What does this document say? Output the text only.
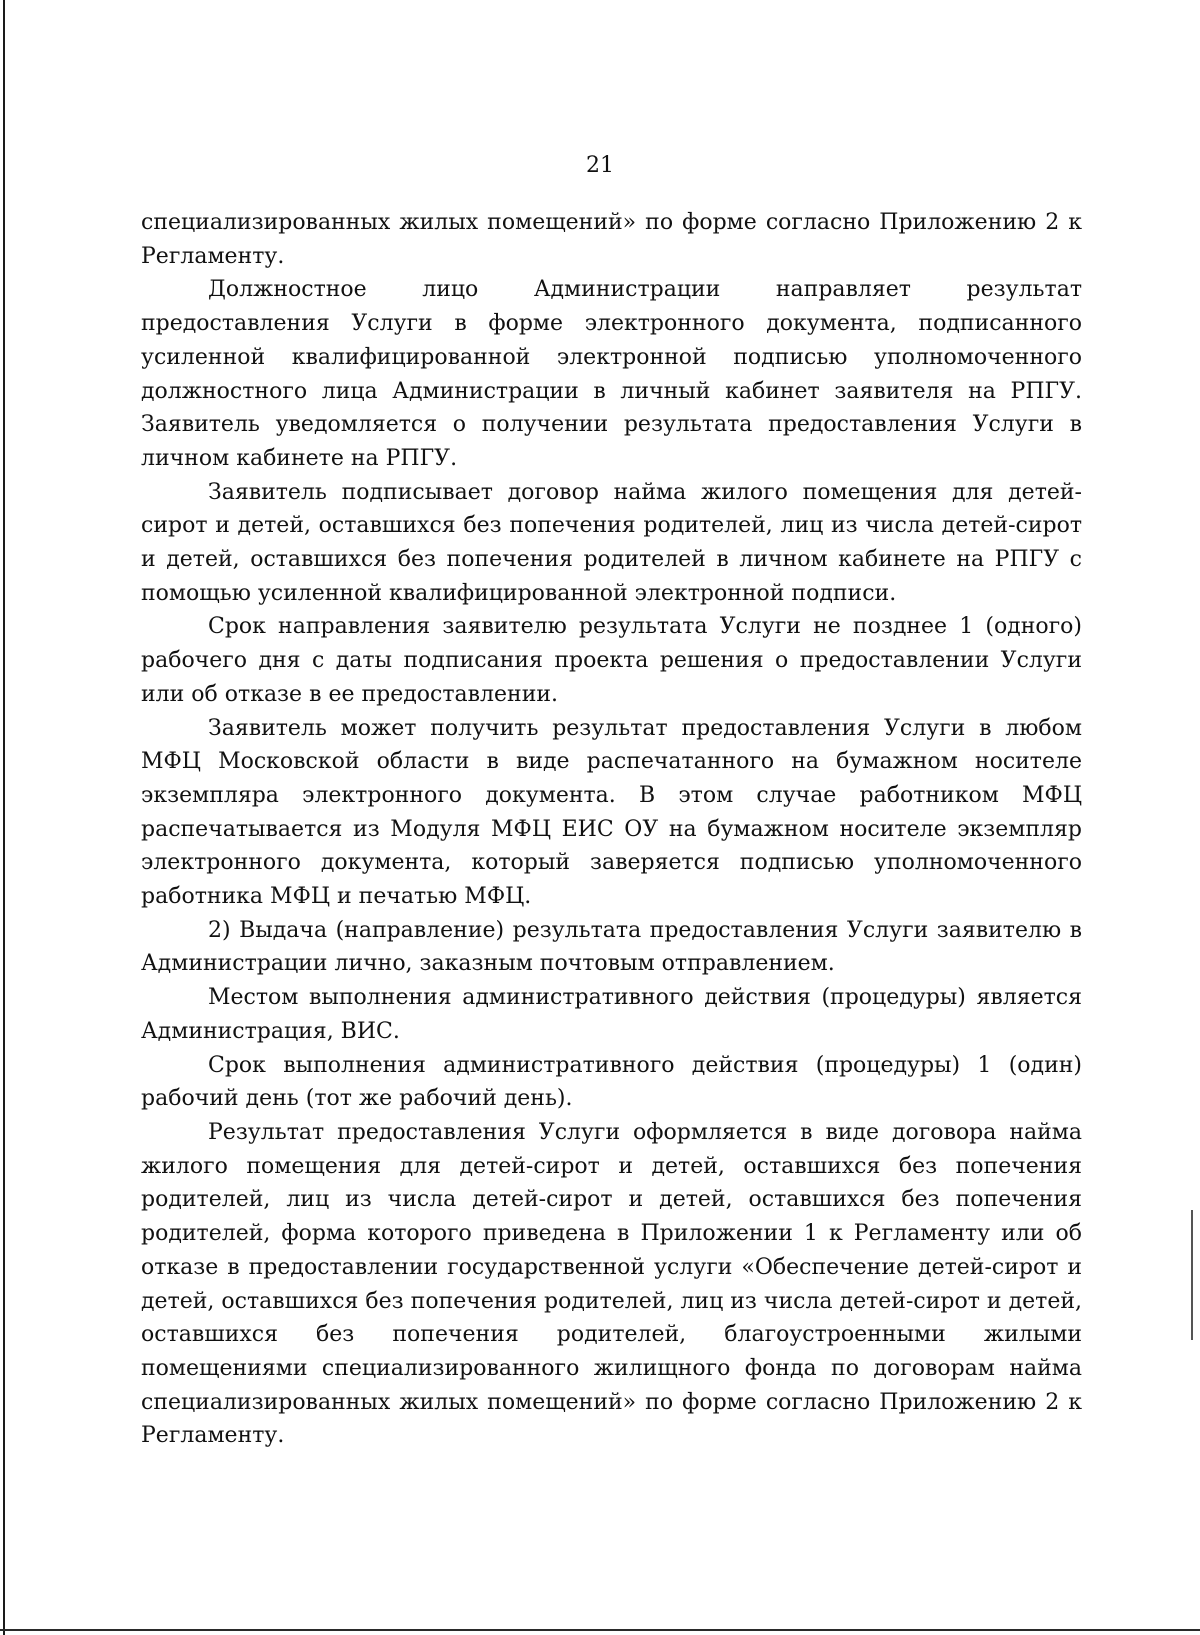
21

специализированных жилых помещений» по форме согласно Приложению 2 к Регламенту.

Должностное лицо Администрации направляет результат предоставления Услуги в форме электронного документа, подписанного усиленной квалифицированной электронной подписью уполномоченного должностного лица Администрации в личный кабинет заявителя на РПГУ. Заявитель уведомляется о получении результата предоставления Услуги в личном кабинете на РПГУ.

Заявитель подписывает договор найма жилого помещения для детей-сирот и детей, оставшихся без попечения родителей, лиц из числа детей-сирот и детей, оставшихся без попечения родителей в личном кабинете на РПГУ с помощью усиленной квалифицированной электронной подписи.

Срок направления заявителю результата Услуги не позднее 1 (одного) рабочего дня с даты подписания проекта решения о предоставлении Услуги или об отказе в ее предоставлении.

Заявитель может получить результат предоставления Услуги в любом МФЦ Московской области в виде распечатанного на бумажном носителе экземпляра электронного документа. В этом случае работником МФЦ распечатывается из Модуля МФЦ ЕИС ОУ на бумажном носителе экземпляр электронного документа, который заверяется подписью уполномоченного работника МФЦ и печатью МФЦ.

2) Выдача (направление) результата предоставления Услуги заявителю в Администрации лично, заказным почтовым отправлением.

Местом выполнения административного действия (процедуры) является Администрация, ВИС.

Срок выполнения административного действия (процедуры) 1 (один) рабочий день (тот же рабочий день).

Результат предоставления Услуги оформляется в виде договора найма жилого помещения для детей-сирот и детей, оставшихся без попечения родителей, лиц из числа детей-сирот и детей, оставшихся без попечения родителей, форма которого приведена в Приложении 1 к Регламенту или об отказе в предоставлении государственной услуги «Обеспечение детей-сирот и детей, оставшихся без попечения родителей, лиц из числа детей-сирот и детей, оставшихся без попечения родителей, благоустроенными жилыми помещениями специализированного жилищного фонда по договорам найма специализированных жилых помещений» по форме согласно Приложению 2 к Регламенту.
